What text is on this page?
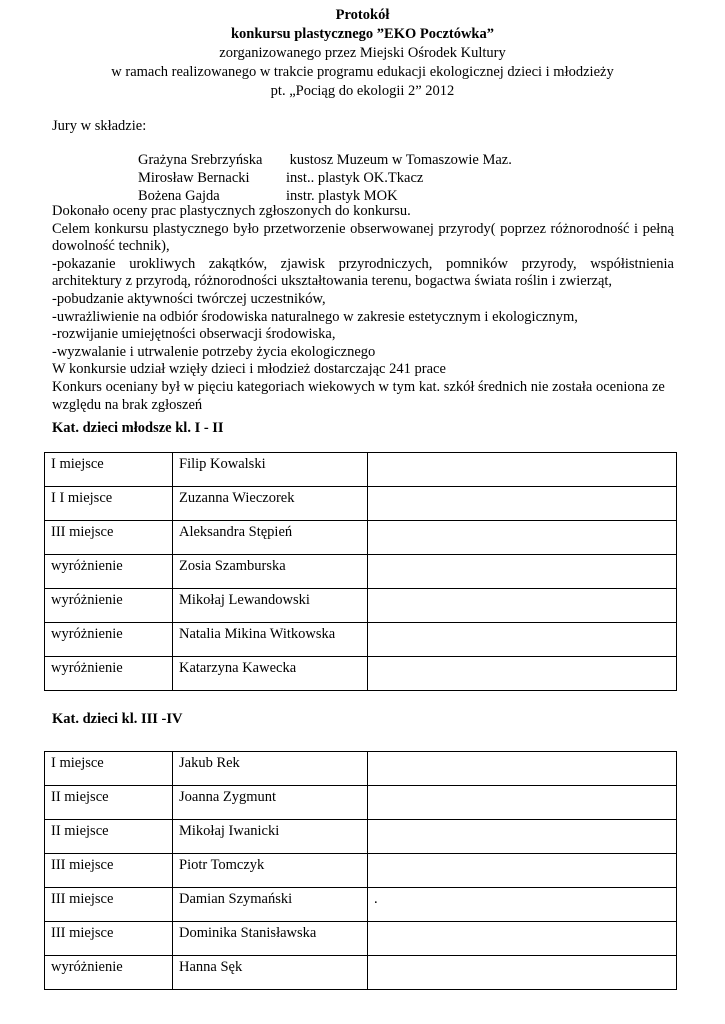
Protokół
konkursu plastycznego ”EKO Pocztówka”
zorganizowanego przez Miejski Ośrodek Kultury
w ramach realizowanego w trakcie programu edukacji ekologicznej dzieci i młodzieży
pt. „Pociąg do ekologii 2” 2012
Jury w składzie:
Grażyna Srebrzyńska kustosz Muzeum w Tomaszowie Maz.
Mirosław Bernacki	inst.. plastyk OK.Tkacz
Bożena Gajda	instr. plastyk MOK
Dokonało oceny prac plastycznych zgłoszonych do konkursu.
Celem konkursu plastycznego było przetworzenie obserwowanej przyrody( poprzez różnorodność i pełną
dowolność technik),
-pokazanie urokliwych zakątków, zjawisk przyrodniczych, pomników przyrody, współistnienia
architektury z przyrodą, różnorodności ukształtowania terenu, bogactwa świata roślin i zwierząt,
-pobudzanie aktywności twórczej uczestników,
-uwrażliwienie na odbiór środowiska naturalnego w zakresie estetycznym i ekologicznym,
-rozwijanie umiejętności obserwacji środowiska,
-wyzwalanie i utrwalenie potrzeby życia ekologicznego
W konkursie udział wzięły dzieci i młodzież dostarczając 241 prace
Konkurs oceniany był w pięciu kategoriach wiekowych w tym kat. szkół średnich nie została oceniona ze
względu na brak zgłoszeń
Kat. dzieci młodsze kl. I - II
I miejsce	Filip Kowalski	
I I miejsce	Zuzanna Wieczorek	
III miejsce	Aleksandra Stępień	
wyróżnienie	Zosia Szamburska	
wyróżnienie	Mikołaj Lewandowski	
wyróżnienie	Natalia Mikina Witkowska	
wyróżnienie	Katarzyna Kawecka	
Kat. dzieci kl. III -IV
I miejsce	Jakub Rek	
II miejsce	Joanna Zygmunt	
II miejsce	Mikołaj Iwanicki	
III miejsce	Piotr Tomczyk	
III miejsce	Damian Szymański	.
III miejsce	Dominika Stanisławska	
wyróżnienie	Hanna Sęk	
